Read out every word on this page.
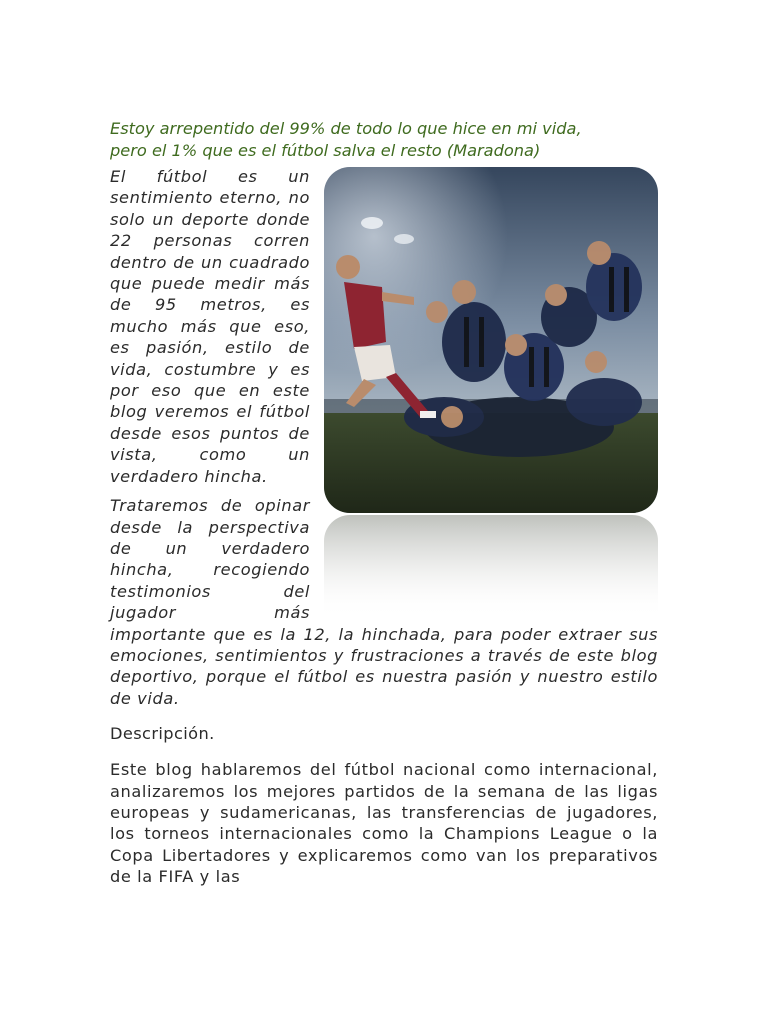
Estoy arrepentido del 99% de todo lo que hice en mi vida,
pero el 1% que es el fútbol salva el resto (Maradona)

El fútbol es un sentimiento eterno, no solo un deporte donde 22 personas corren dentro de un cuadrado que puede medir más de 95 metros, es mucho más que eso, es pasión, estilo de vida, costumbre y es por eso que en este blog veremos el fútbol desde esos puntos de vista, como un verdadero hincha.

Trataremos de opinar desde la perspectiva de un verdadero hincha, recogiendo testimonios del jugador más importante que es la 12, la hinchada, para poder extraer sus emociones, sentimientos y frustraciones a través de este blog deportivo, porque el fútbol es nuestra pasión y nuestro estilo de vida.

Descripción.

Este blog hablaremos del fútbol nacional como internacional, analizaremos los mejores partidos de la semana de las ligas europeas y sudamericanas, las transferencias de jugadores, los torneos internacionales como la Champions League o la Copa Libertadores y explicaremos como van los preparativos de la FIFA y las
